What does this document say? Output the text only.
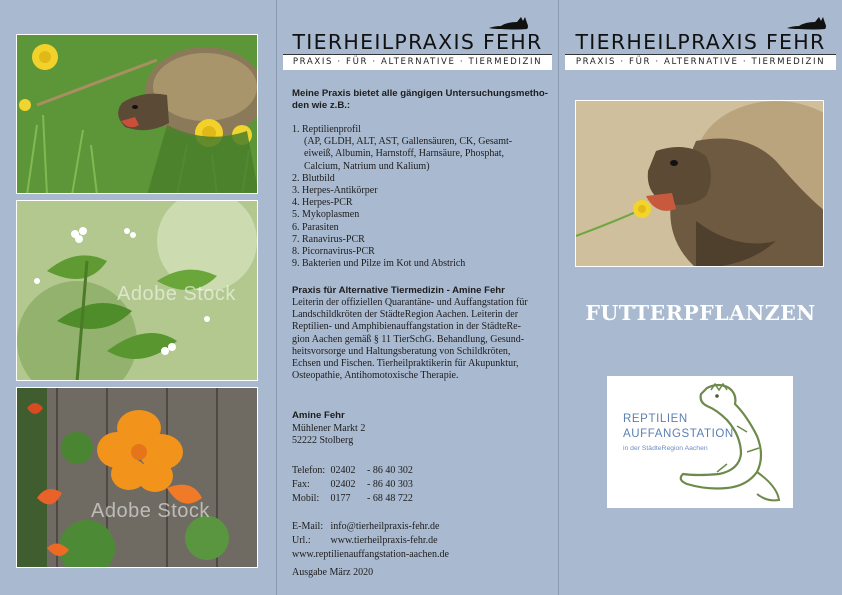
Adobe Stock
Adobe Stock
TIERHEILPRAXIS FEHR
PRAXIS · FÜR · ALTERNATIVE · TIERMEDIZIN
Meine Praxis bietet alle gängigen Untersuchungsmetho-
den wie z.B.:
1. Reptilienprofil
(AP, GLDH, ALT, AST, Gallensäuren, CK, Gesamt-
eiweiß, Albumin, Harnstoff, Harnsäure, Phosphat,
Calcium, Natrium und Kalium)
2. Blutbild
3. Herpes-Antikörper
4. Herpes-PCR
5. Mykoplasmen
6. Parasiten
7. Ranavirus-PCR
8. Picornavirus-PCR
9. Bakterien und Pilze im Kot und Abstrich
Praxis für Alternative Tiermedizin - Amine Fehr
Leiterin der offiziellen Quarantäne- und Auffangstation für
Landschildkröten der StädteRegion Aachen. Leiterin der
Reptilien- und Amphibienauffangstation in der StädteRe-
gion Aachen gemäß § 11 TierSchG. Behandlung, Gesund-
heitsvorsorge und Haltungsberatung von Schildkröten,
Echsen und Fischen. Tierheilpraktikerin für Akupunktur,
Osteopathie, Antihomotoxische Therapie.
Amine Fehr
Mühlener Markt 2
52222 Stolberg
Telefon: 02402 - 86 40 302
Fax: 02402 - 86 40 303
Mobil: 0177 - 68 48 722
E-Mail: info@tierheilpraxis-fehr.de
Url.: www.tierheilpraxis-fehr.de
www.reptilienauffangstation-aachen.de
Ausgabe März 2020
TIERHEILPRAXIS FEHR
PRAXIS · FÜR · ALTERNATIVE · TIERMEDIZIN
FUTTERPFLANZEN
REPTILIEN
AUFFANGSTATION
in der StädteRegion Aachen
